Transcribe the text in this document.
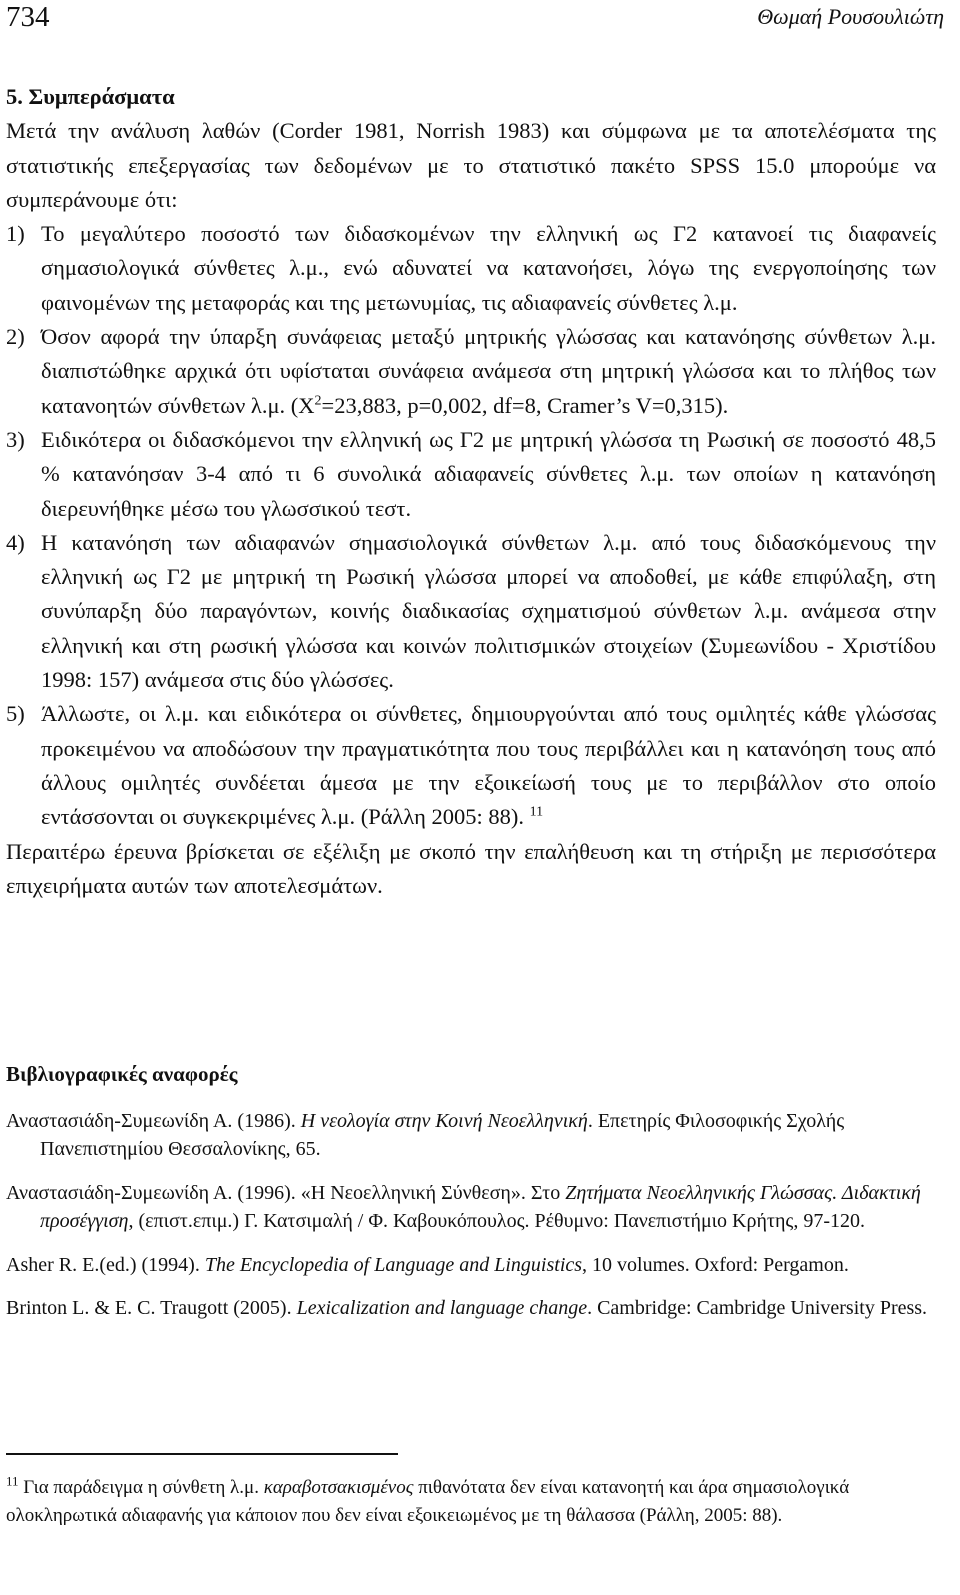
734	Θωμαή Ρουσουλιώτη

5. Συμπεράσματα

Μετά την ανάλυση λαθών (Corder 1981, Norrish 1983) και σύμφωνα με τα αποτελέσματα της στατιστικής επεξεργασίας των δεδομένων με το στατιστικό πακέτο SPSS 15.0 μπορούμε να συμπεράνουμε ότι:

1) Το μεγαλύτερο ποσοστό των διδασκομένων την ελληνική ως Γ2 κατανοεί τις διαφανείς σημασιολογικά σύνθετες λ.μ., ενώ αδυνατεί να κατανοήσει, λόγω της ενεργοποίησης των φαινομένων της μεταφοράς και της μετωνυμίας, τις αδιαφανείς σύνθετες λ.μ.

2) Όσον αφορά την ύπαρξη συνάφειας μεταξύ μητρικής γλώσσας και κατανόησης σύνθετων λ.μ. διαπιστώθηκε αρχικά ότι υφίσταται συνάφεια ανάμεσα στη μητρική γλώσσα και το πλήθος των κατανοητών σύνθετων λ.μ. ($X^2=23,883$, p=0,002, df=8, Cramer’s V=0,315).

3) Ειδικότερα οι διδασκόμενοι την ελληνική ως Γ2 με μητρική γλώσσα τη Ρωσική σε ποσοστό 48,5 % κατανόησαν 3-4 από τι 6 συνολικά αδιαφανείς σύνθετες λ.μ. των οποίων η κατανόηση διερευνήθηκε μέσω του γλωσσικού τεστ.

4) Η κατανόηση των αδιαφανών σημασιολογικά σύνθετων λ.μ. από τους διδασκόμενους την ελληνική ως Γ2 με μητρική τη Ρωσική γλώσσα μπορεί να αποδοθεί, με κάθε επιφύλαξη, στη συνύπαρξη δύο παραγόντων, κοινής διαδικασίας σχηματισμού σύνθετων λ.μ. ανάμεσα στην ελληνική και στη ρωσική γλώσσα και κοινών πολιτισμικών στοιχείων (Συμεωνίδου - Χριστίδου 1998: 157) ανάμεσα στις δύο γλώσσες.

5) Άλλωστε, οι λ.μ. και ειδικότερα οι σύνθετες, δημιουργούνται από τους ομιλητές κάθε γλώσσας προκειμένου να αποδώσουν την πραγματικότητα που τους περιβάλλει και η κατανόηση τους από άλλους ομιλητές συνδέεται άμεσα με την εξοικείωσή τους με το περιβάλλον στο οποίο εντάσσονται οι συγκεκριμένες λ.μ. (Ράλλη 2005: 88). $^{11}$

Περαιτέρω έρευνα βρίσκεται σε εξέλιξη με σκοπό την επαλήθευση και τη στήριξη με περισσότερα επιχειρήματα αυτών των αποτελεσμάτων.

Βιβλιογραφικές αναφορές

Αναστασιάδη-Συμεωνίδη Α. (1986). Η νεολογία στην Κοινή Νεοελληνική. Επετηρίς Φιλοσοφικής Σχολής Πανεπιστημίου Θεσσαλονίκης, 65.

Αναστασιάδη-Συμεωνίδη Α. (1996). «Η Νεοελληνική Σύνθεση». Στο Ζητήματα Νεοελληνικής Γλώσσας. Διδακτική προσέγγιση, (επιστ.επιμ.) Γ. Κατσιμαλή / Φ. Καβουκόπουλος. Ρέθυμνο: Πανεπιστήμιο Κρήτης, 97-120.

Asher R. E.(ed.) (1994). The Encyclopedia of Language and Linguistics, 10 volumes. Oxford: Pergamon.

Brinton L. & E. C. Traugott (2005). Lexicalization and language change. Cambridge: Cambridge University Press.

$^{11}$ Για παράδειγμα η σύνθετη λ.μ. καραβοτσακισμένος πιθανότατα δεν είναι κατανοητή και άρα σημασιολογικά ολοκληρωτικά αδιαφανής για κάποιον που δεν είναι εξοικειωμένος με τη θάλασσα (Ράλλη, 2005: 88).
